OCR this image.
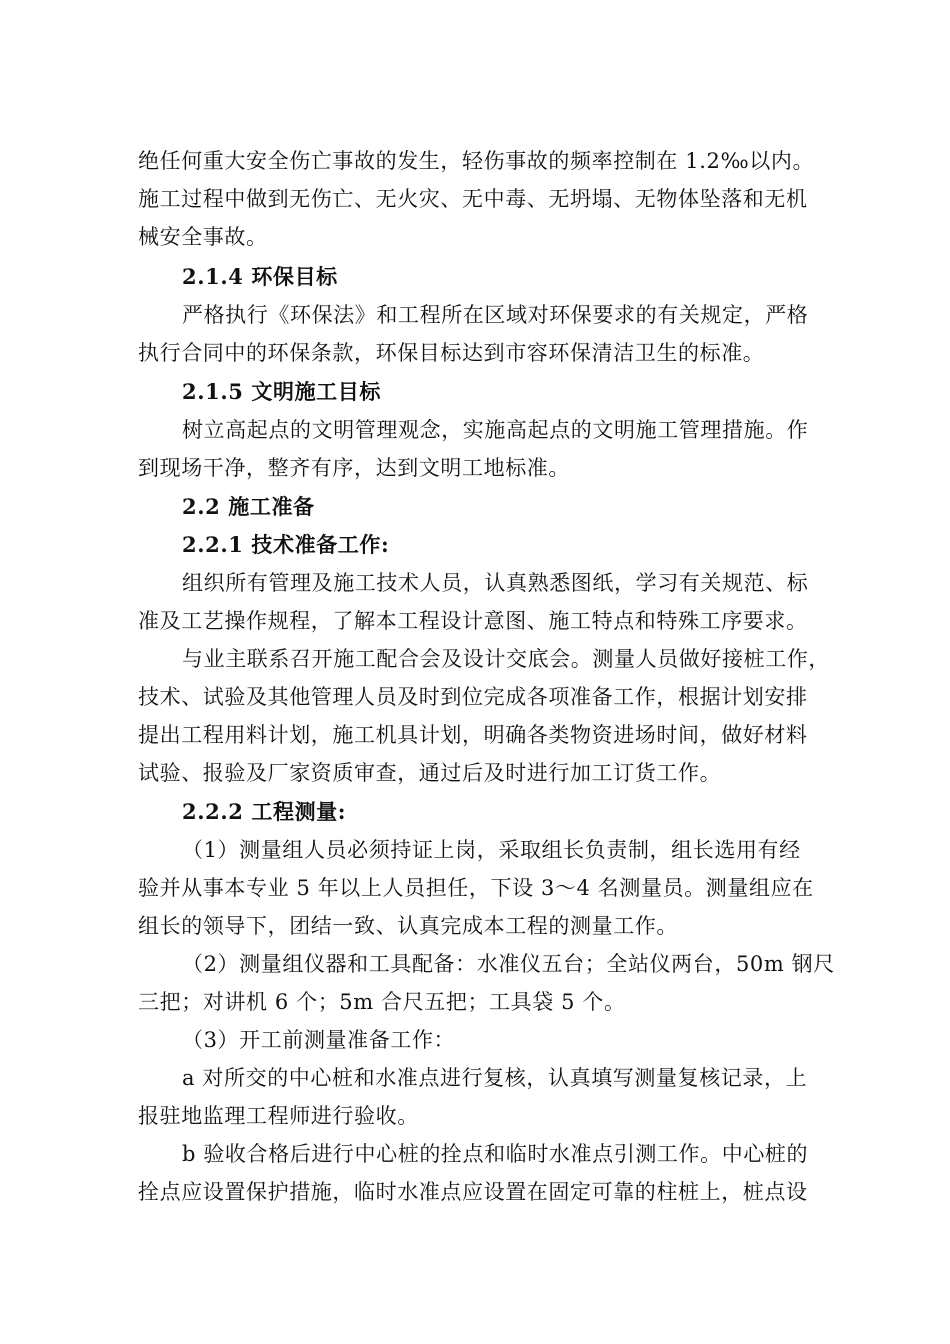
绝任何重大安全伤亡事故的发生，轻伤事故的频率控制在 1.2‰以内。
施工过程中做到无伤亡、无火灾、无中毒、无坍塌、无物体坠落和无机
械安全事故。
2.1.4 环保目标
严格执行《环保法》和工程所在区域对环保要求的有关规定，严格
执行合同中的环保条款，环保目标达到市容环保清洁卫生的标准。
2.1.5 文明施工目标
树立高起点的文明管理观念，实施高起点的文明施工管理措施。作
到现场干净，整齐有序，达到文明工地标准。
2.2 施工准备
2.2.1 技术准备工作:
组织所有管理及施工技术人员，认真熟悉图纸，学习有关规范、标
准及工艺操作规程，了解本工程设计意图、施工特点和特殊工序要求。
与业主联系召开施工配合会及设计交底会。测量人员做好接桩工作，
技术、试验及其他管理人员及时到位完成各项准备工作，根据计划安排
提出工程用料计划，施工机具计划，明确各类物资进场时间，做好材料
试验、报验及厂家资质审查，通过后及时进行加工订货工作。
2.2.2 工程测量:
（1）测量组人员必须持证上岗，采取组长负责制，组长选用有经
验并从事本专业 5 年以上人员担任，下设 3～4 名测量员。测量组应在
组长的领导下，团结一致、认真完成本工程的测量工作。
（2）测量组仪器和工具配备：水准仪五台；全站仪两台，50m 钢尺
三把；对讲机 6 个；5m 合尺五把；工具袋 5 个。
（3）开工前测量准备工作：
a 对所交的中心桩和水准点进行复核，认真填写测量复核记录，上
报驻地监理工程师进行验收。
b 验收合格后进行中心桩的拴点和临时水准点引测工作。中心桩的
拴点应设置保护措施，临时水准点应设置在固定可靠的柱桩上，桩点设
